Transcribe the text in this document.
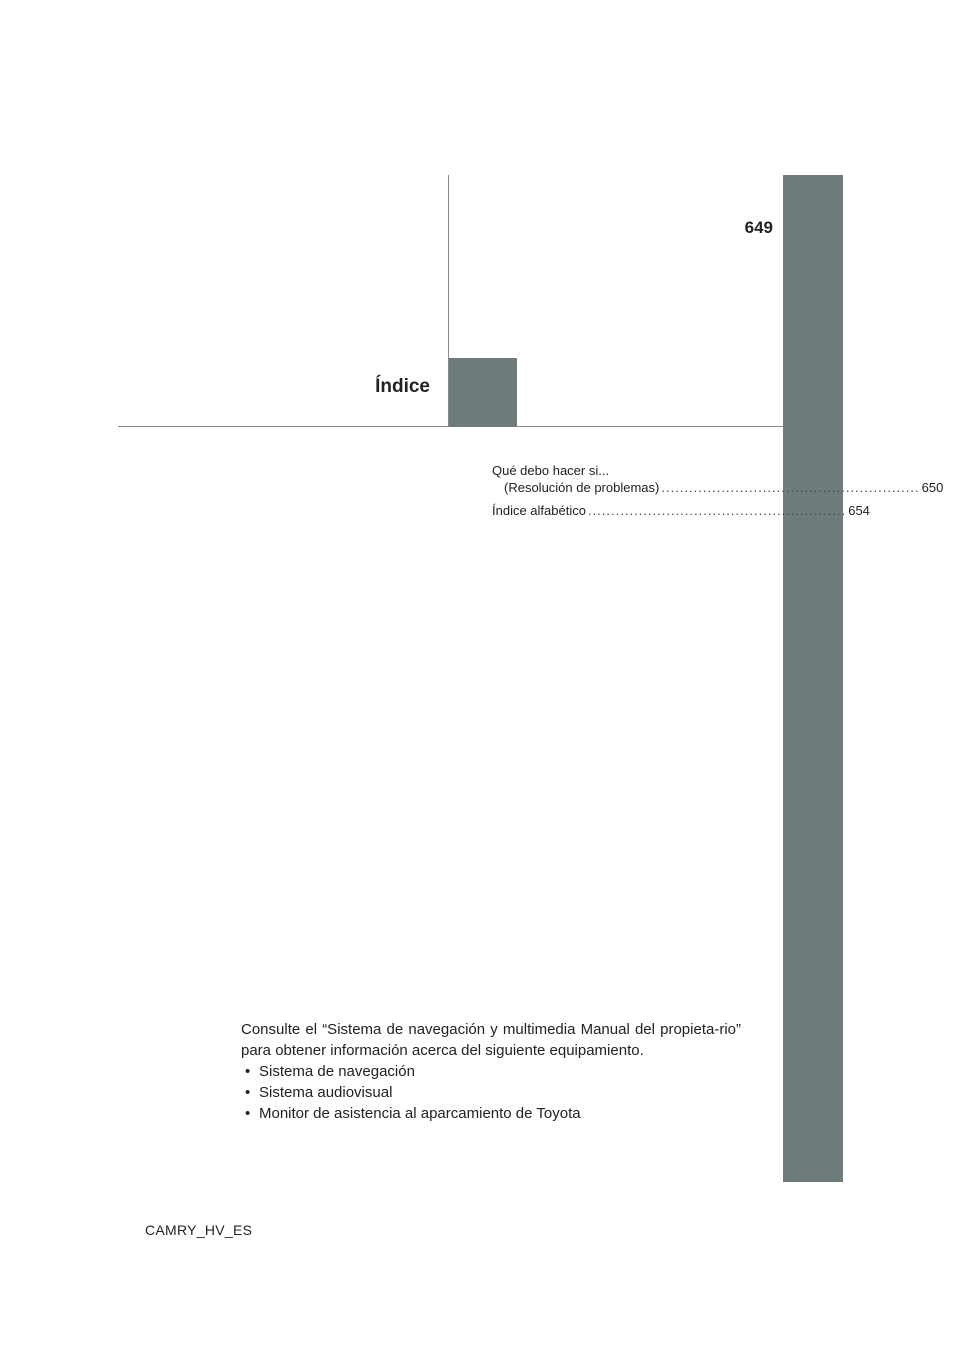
649
Índice
Qué debo hacer si...
(Resolución de problemas) ........................................................ 650
Índice alfabético ........................................................ 654

Consulte el “Sistema de navegación y multimedia Manual del propieta-rio” para obtener información acerca del siguiente equipamiento.

• Sistema de navegación
• Sistema audiovisual
• Monitor de asistencia al aparcamiento de Toyota
CAMRY_HV_ES
